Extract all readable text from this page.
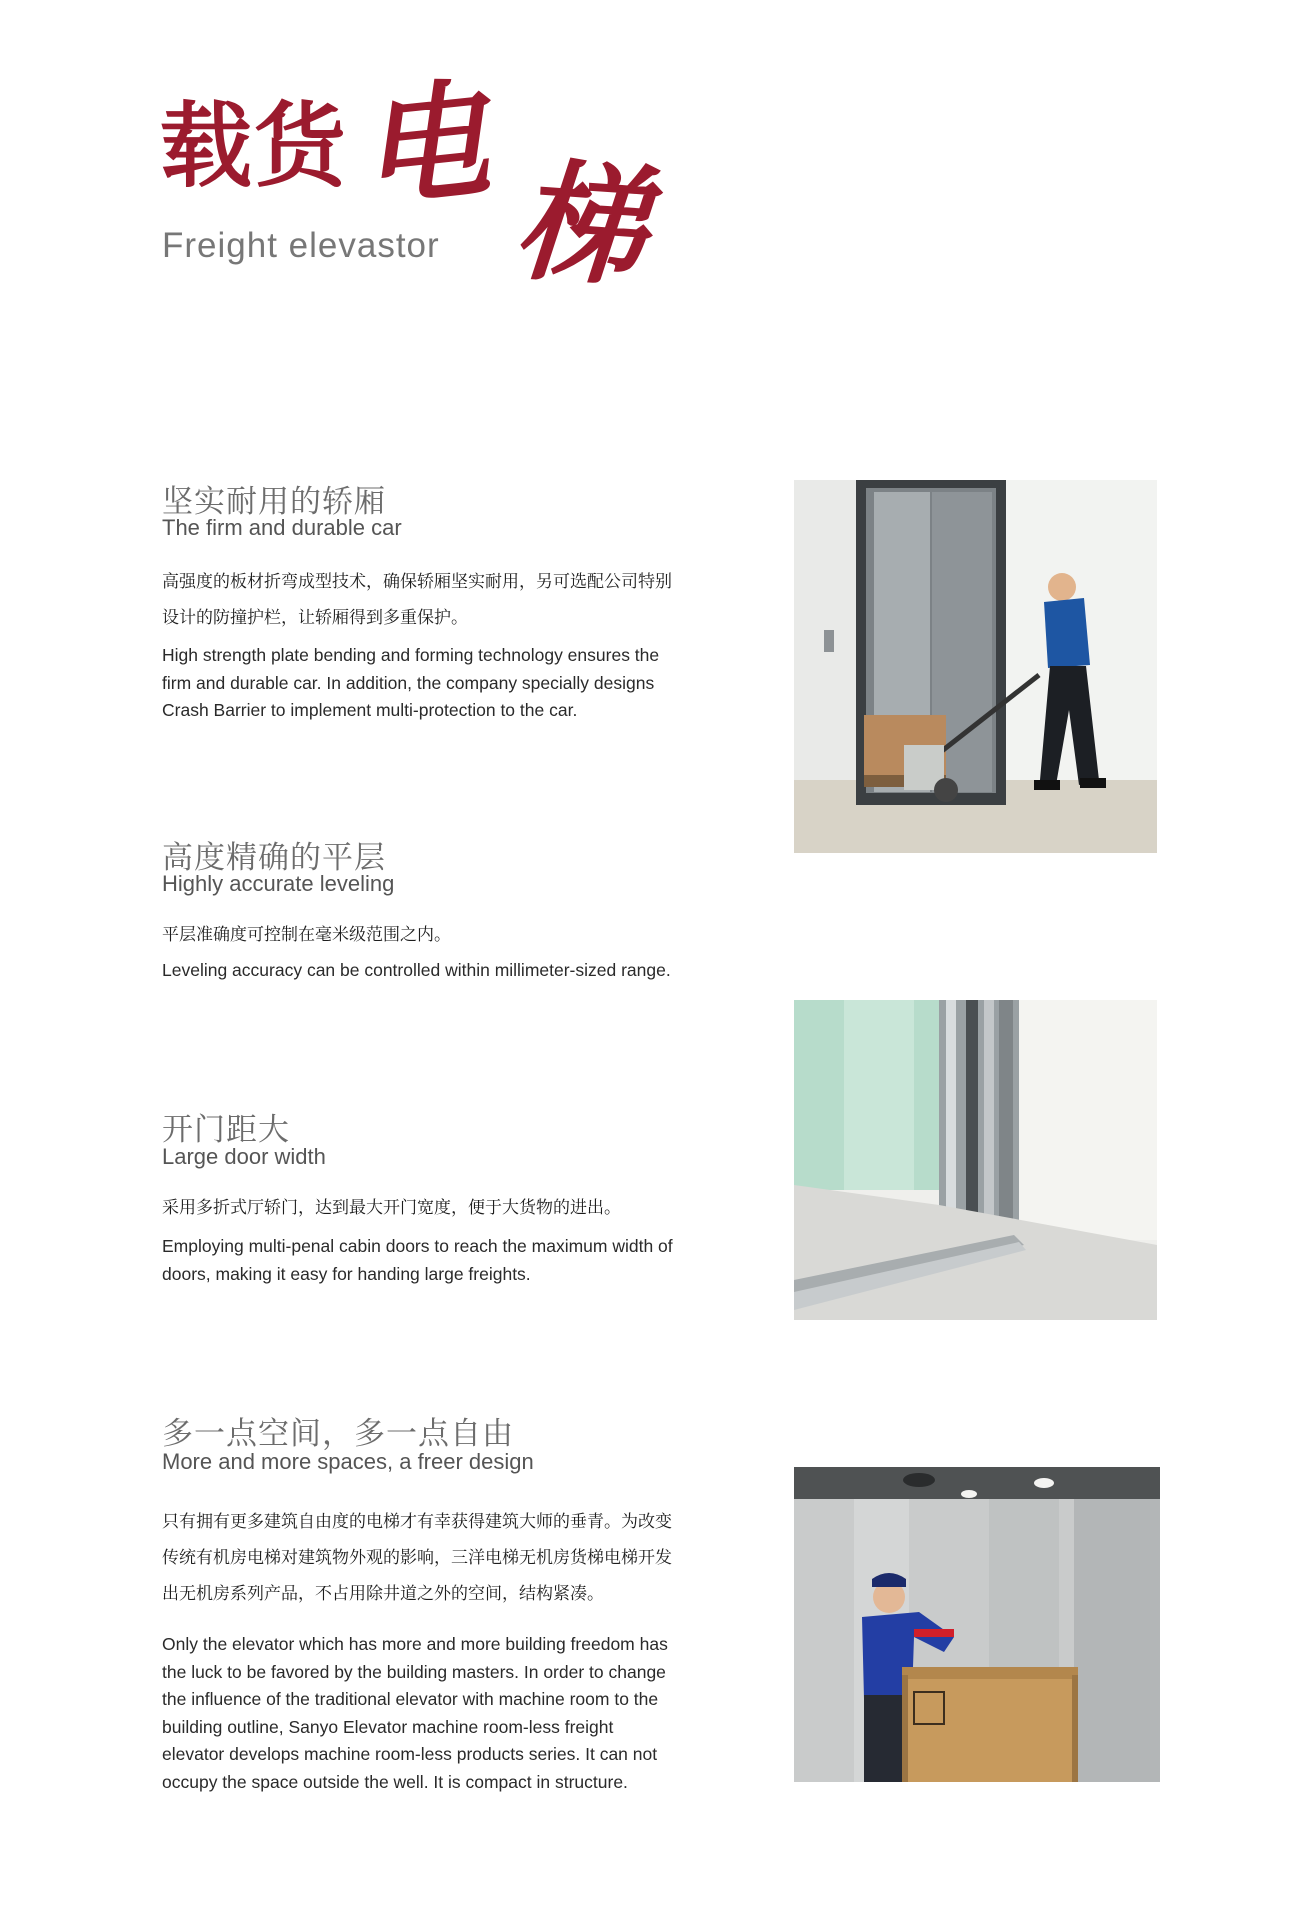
载货 电 梯
Freight elevastor
坚实耐用的轿厢
The firm and durable car
高强度的板材折弯成型技术，确保轿厢坚实耐用，另可选配公司特别
设计的防撞护栏，让轿厢得到多重保护。
High strength plate bending and forming technology ensures the
firm and durable car. In addition, the company specially designs
Crash Barrier to implement multi-protection to the car.
高度精确的平层
Highly accurate leveling
平层准确度可控制在毫米级范围之内。
Leveling accuracy can be controlled within millimeter-sized range.
开门距大
Large door width
采用多折式厅轿门，达到最大开门宽度，便于大货物的进出。
Employing multi-penal cabin doors to reach the maximum width of
doors, making it easy for handing large freights.
多一点空间，多一点自由
More and more spaces, a freer design
只有拥有更多建筑自由度的电梯才有幸获得建筑大师的垂青。为改变
传统有机房电梯对建筑物外观的影响，三洋电梯无机房货梯电梯开发
出无机房系列产品，不占用除井道之外的空间，结构紧凑。
Only the elevator which has more and more building freedom has
the luck to be favored by the building masters. In order to change
the influence of the traditional elevator with machine room to the
building outline, Sanyo Elevator machine room-less freight
elevator develops machine room-less products series. It can not
occupy the space outside the well. It is compact in structure.
